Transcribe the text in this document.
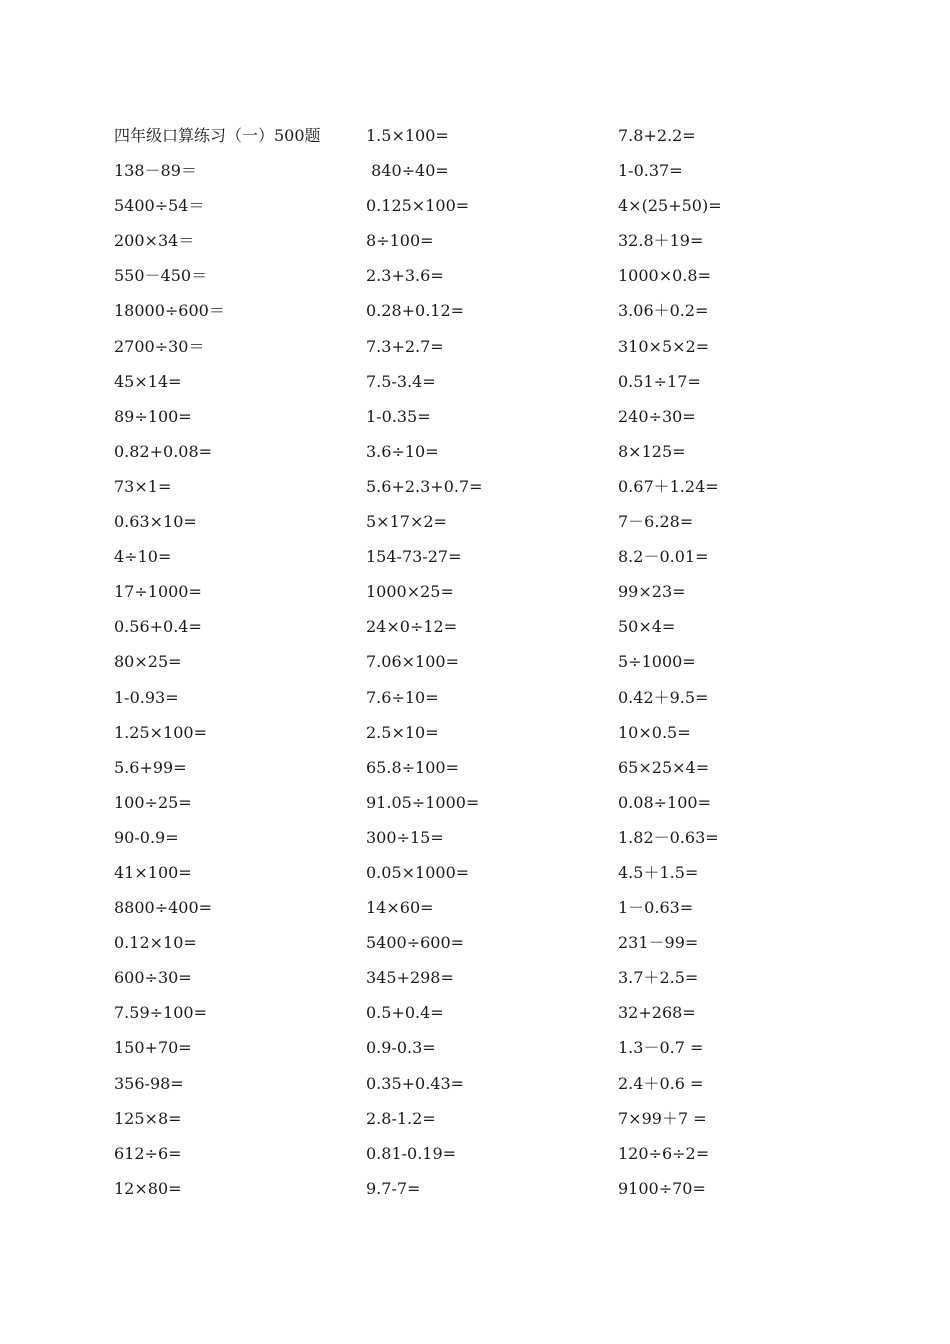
四年级口算练习（一）500题
138－89＝
5400÷54＝
200×34＝
550－450＝
18000÷600＝
2700÷30＝
45×14=
89÷100=
0.82+0.08=
73×1=
0.63×10=
4÷10=
17÷1000=
0.56+0.4=
80×25=
1-0.93=
1.25×100=
5.6+99=
100÷25=
90-0.9=
41×100=
8800÷400=
0.12×10=
600÷30=
7.59÷100=
150+70=
356-98=
125×8=
612÷6=
12×80=
1.5×100=
840÷40=
0.125×100=
8÷100=
2.3+3.6=
0.28+0.12=
7.3+2.7=
7.5-3.4=
1-0.35=
3.6÷10=
5.6+2.3+0.7=
5×17×2=
154-73-27=
1000×25=
24×0÷12=
7.06×100=
7.6÷10=
2.5×10=
65.8÷100=
91.05÷1000=
300÷15=
0.05×1000=
14×60=
5400÷600=
345+298=
0.5+0.4=
0.9-0.3=
0.35+0.43=
2.8-1.2=
0.81-0.19=
9.7-7=
7.8+2.2=
1-0.37=
4×(25+50)=
32.8＋19=
1000×0.8=
3.06＋0.2=
310×5×2=
0.51÷17=
240÷30=
8×125=
0.67＋1.24=
7－6.28=
8.2－0.01=
99×23=
50×4=
5÷1000=
0.42＋9.5=
10×0.5=
65×25×4=
0.08÷100=
1.82－0.63=
4.5＋1.5=
1－0.63=
231－99=
3.7＋2.5=
32+268=
1.3－0.7 =
2.4＋0.6 =
7×99＋7 =
120÷6÷2=
9100÷70=
